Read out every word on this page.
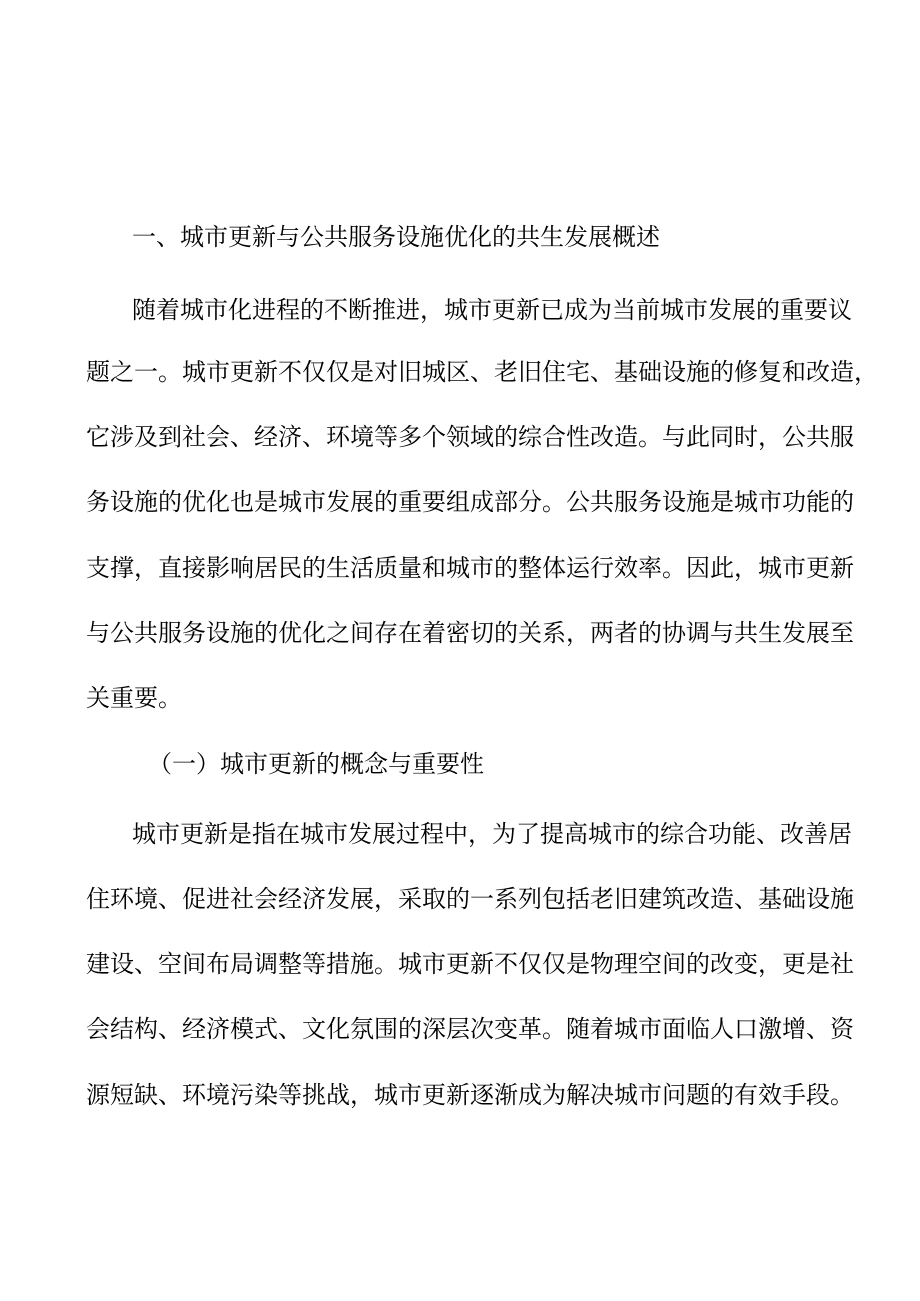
一、城市更新与公共服务设施优化的共生发展概述
随着城市化进程的不断推进，城市更新已成为当前城市发展的重要议
题之一。城市更新不仅仅是对旧城区、老旧住宅、基础设施的修复和改造，
它涉及到社会、经济、环境等多个领域的综合性改造。与此同时，公共服
务设施的优化也是城市发展的重要组成部分。公共服务设施是城市功能的
支撑，直接影响居民的生活质量和城市的整体运行效率。因此，城市更新
与公共服务设施的优化之间存在着密切的关系，两者的协调与共生发展至
关重要。
（一）城市更新的概念与重要性
城市更新是指在城市发展过程中，为了提高城市的综合功能、改善居
住环境、促进社会经济发展，采取的一系列包括老旧建筑改造、基础设施
建设、空间布局调整等措施。城市更新不仅仅是物理空间的改变，更是社
会结构、经济模式、文化氛围的深层次变革。随着城市面临人口激增、资
源短缺、环境污染等挑战，城市更新逐渐成为解决城市问题的有效手段。
